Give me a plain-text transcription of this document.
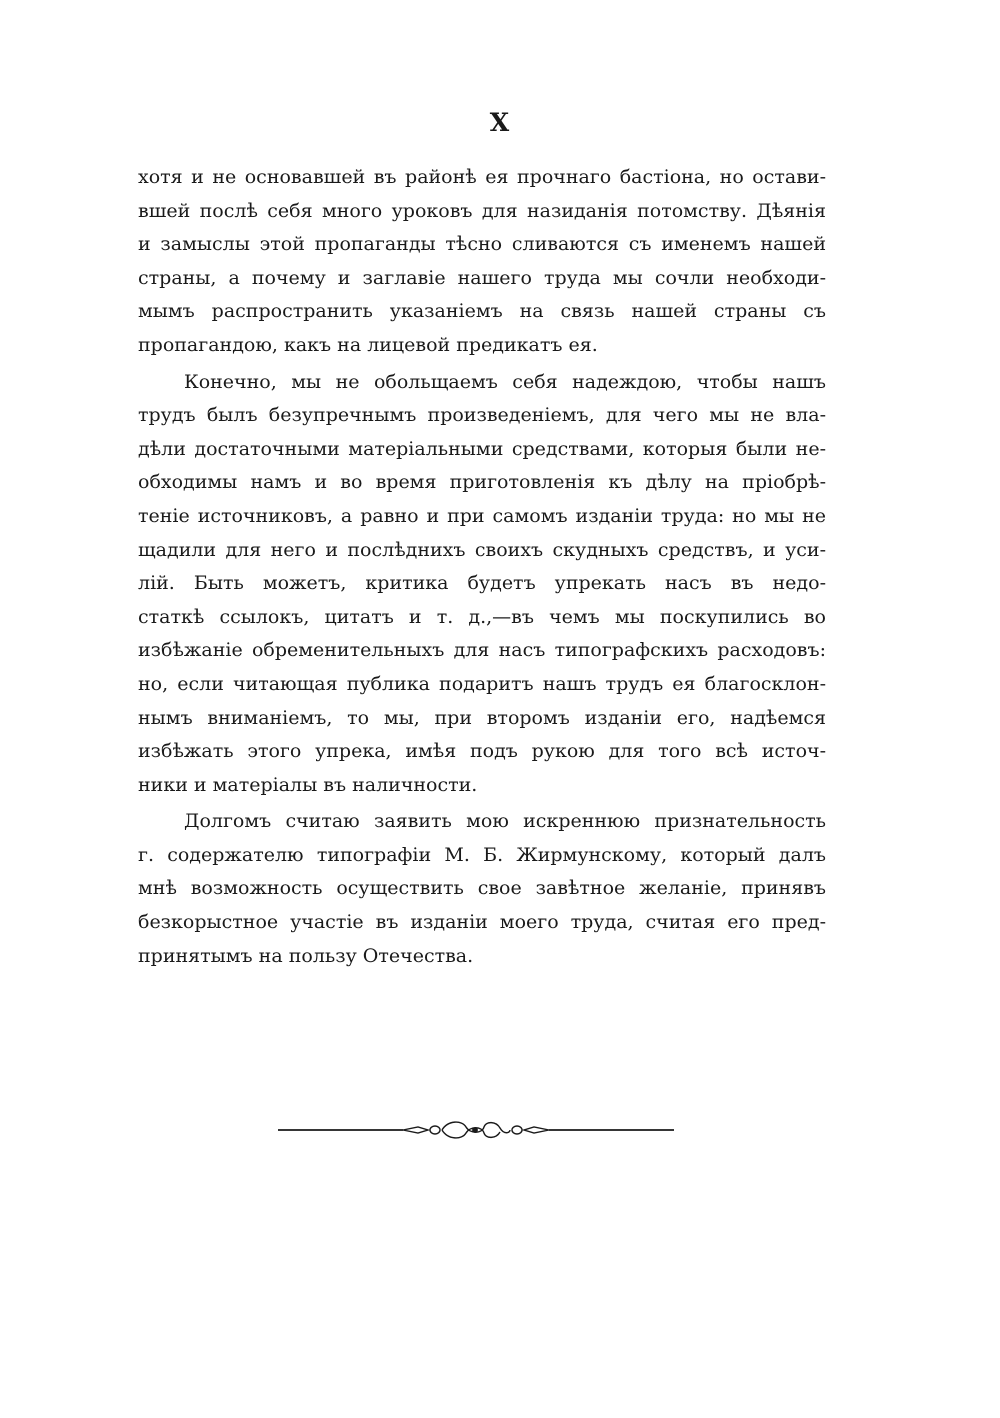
X
хотя и не основавшей въ районѣ ея прочнаго бастіона, но остави-
вшей послѣ себя много уроковъ для назиданія потомству. Дѣянія
и замыслы этой пропаганды тѣсно сливаются съ именемъ нашей
страны, а почему и заглавіе нашего труда мы сочли необходи-
мымъ распространить указаніемъ на связь нашей страны съ
пропагандою, какъ на лицевой предикатъ ея.
Конечно, мы не обольщаемъ себя надеждою, чтобы нашъ
трудъ былъ безупречнымъ произведеніемъ, для чего мы не вла-
дѣли достаточными матеріальными средствами, которыя были не-
обходимы намъ и во время приготовленія къ дѣлу на пріобрѣ-
теніе источниковъ, а равно и при самомъ изданіи труда: но мы не
щадили для него и послѣднихъ своихъ скудныхъ средствъ, и уси-
лій. Быть можетъ, критика будетъ упрекать насъ въ недо-
статкѣ ссылокъ, цитатъ и т. д.,—въ чемъ мы поскупились во
избѣжаніе обременительныхъ для насъ типографскихъ расходовъ:
но, если читающая публика подаритъ нашъ трудъ ея благосклон-
нымъ вниманіемъ, то мы, при второмъ изданіи его, надѣемся
избѣжать этого упрека, имѣя подъ рукою для того всѣ источ-
ники и матеріалы въ наличности.
Долгомъ считаю заявить мою искреннюю признательность
г. содержателю типографіи М. Б. Жирмунскому, который далъ
мнѣ возможность осуществить свое завѣтное желаніе, принявъ
безкорыстное участіе въ изданіи моего труда, считая его пред-
принятымъ на пользу Отечества.
